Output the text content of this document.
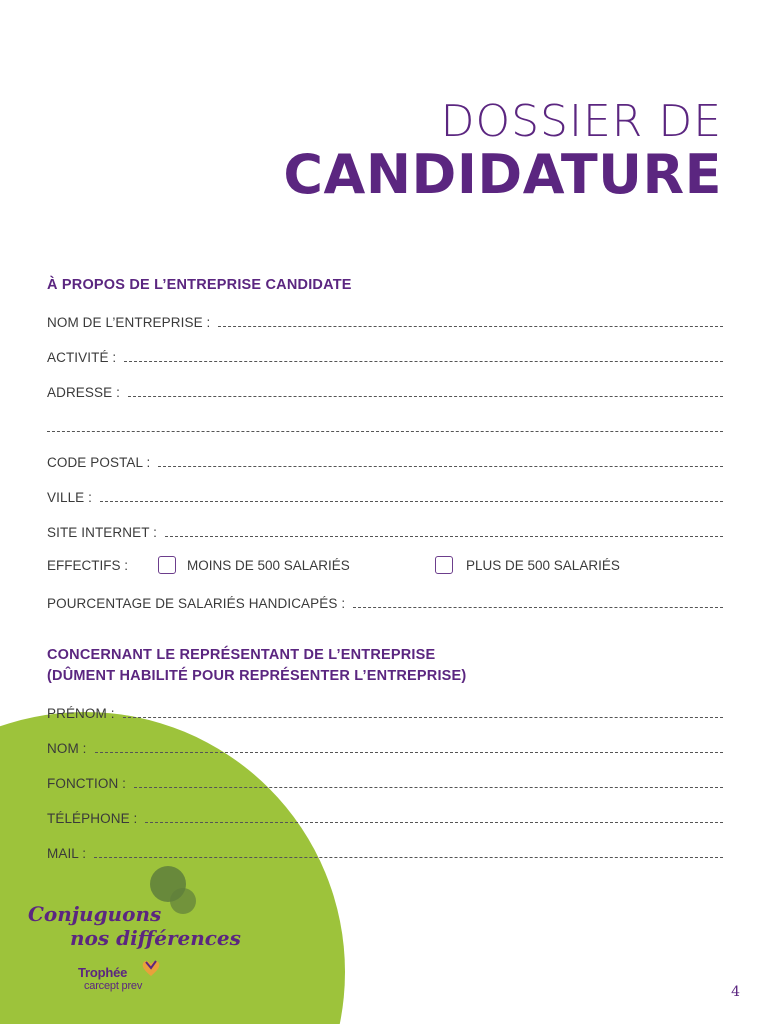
DOSSIER DE
CANDIDATURE
À PROPOS DE L’ENTREPRISE CANDIDATE
NOM DE L’ENTREPRISE :
ACTIVITÉ :
ADRESSE :
CODE POSTAL :
VILLE :
SITE INTERNET :
EFFECTIFS :	MOINS DE 500 SALARIÉS	PLUS DE 500 SALARIÉS
POURCENTAGE DE SALARIÉS HANDICAPÉS :
CONCERNANT LE REPRÉSENTANT DE L’ENTREPRISE
(DÛMENT HABILITÉ POUR REPRÉSENTER L’ENTREPRISE)
PRÉNOM :
NOM :
FONCTION :
TÉLÉPHONE :
MAIL :
Conjuguons
nos différences
Trophée
carcept prev	4
